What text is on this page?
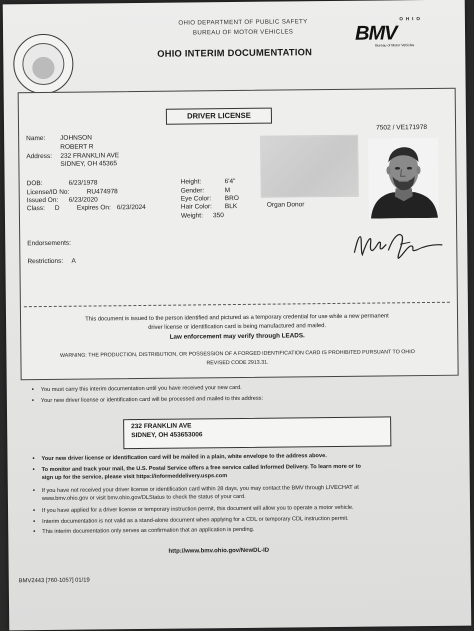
OHIO DEPARTMENT OF PUBLIC SAFETY
BUREAU OF MOTOR VEHICLES
OHIO INTERIM DOCUMENTATION
OHIO
BMV
Bureau of Motor Vehicles
DRIVER LICENSE
7502 / VE171978
Name: JOHNSON
ROBERT R
Address: 232 FRANKLIN AVE
SIDNEY, OH 45365
DOB:	6/23/1978
License/ID No:	RU474978
Issued On: 6/23/2020
Class: D	Expires On: 6/23/2024
Height:	6'4"
Gender:	M
Eye Color: BRO
Hair Color: BLK
Weight: 350
Organ Donor
Endorsements:
Restrictions: A
This document is issued to the person identified and pictured as a temporary credential for use while a new permanent
driver license or identification card is being manufactured and mailed.
Law enforcement may verify through LEADS.
WARNING: THE PRODUCTION, DISTRIBUTION, OR POSSESSION OF A FORGED IDENTIFICATION CARD IS PROHIBITED PURSUANT TO OHIO
REVISED CODE 2913.31.
• You must carry this interim documentation until you have received your new card.
• Your new driver license or identification card will be processed and mailed to this address:
232 FRANKLIN AVE
SIDNEY, OH 453653006
• Your new driver license or identification card will be mailed in a plain, white envelope to the address above.
• To monitor and track your mail, the U.S. Postal Service offers a free service called Informed Delivery. To learn more or to
sign up for the service, please visit https://informeddelivery.usps.com
• If you have not received your driver license or identification card within 28 days, you may contact the BMV through LIVECHAT at
www.bmv.ohio.gov or visit bmv.ohio.gov/DLStatus to check the status of your card.
• If you have applied for a driver license or temporary instruction permit, this document will allow you to operate a motor vehicle.
• Interim documentation is not valid as a stand-alone document when applying for a CDL or temporary CDL instruction permit.
• This interim documentation only serves as confirmation that an application is pending.
http://www.bmv.ohio.gov/NewDL-ID
BMV2443 [760-1057] 01/19
